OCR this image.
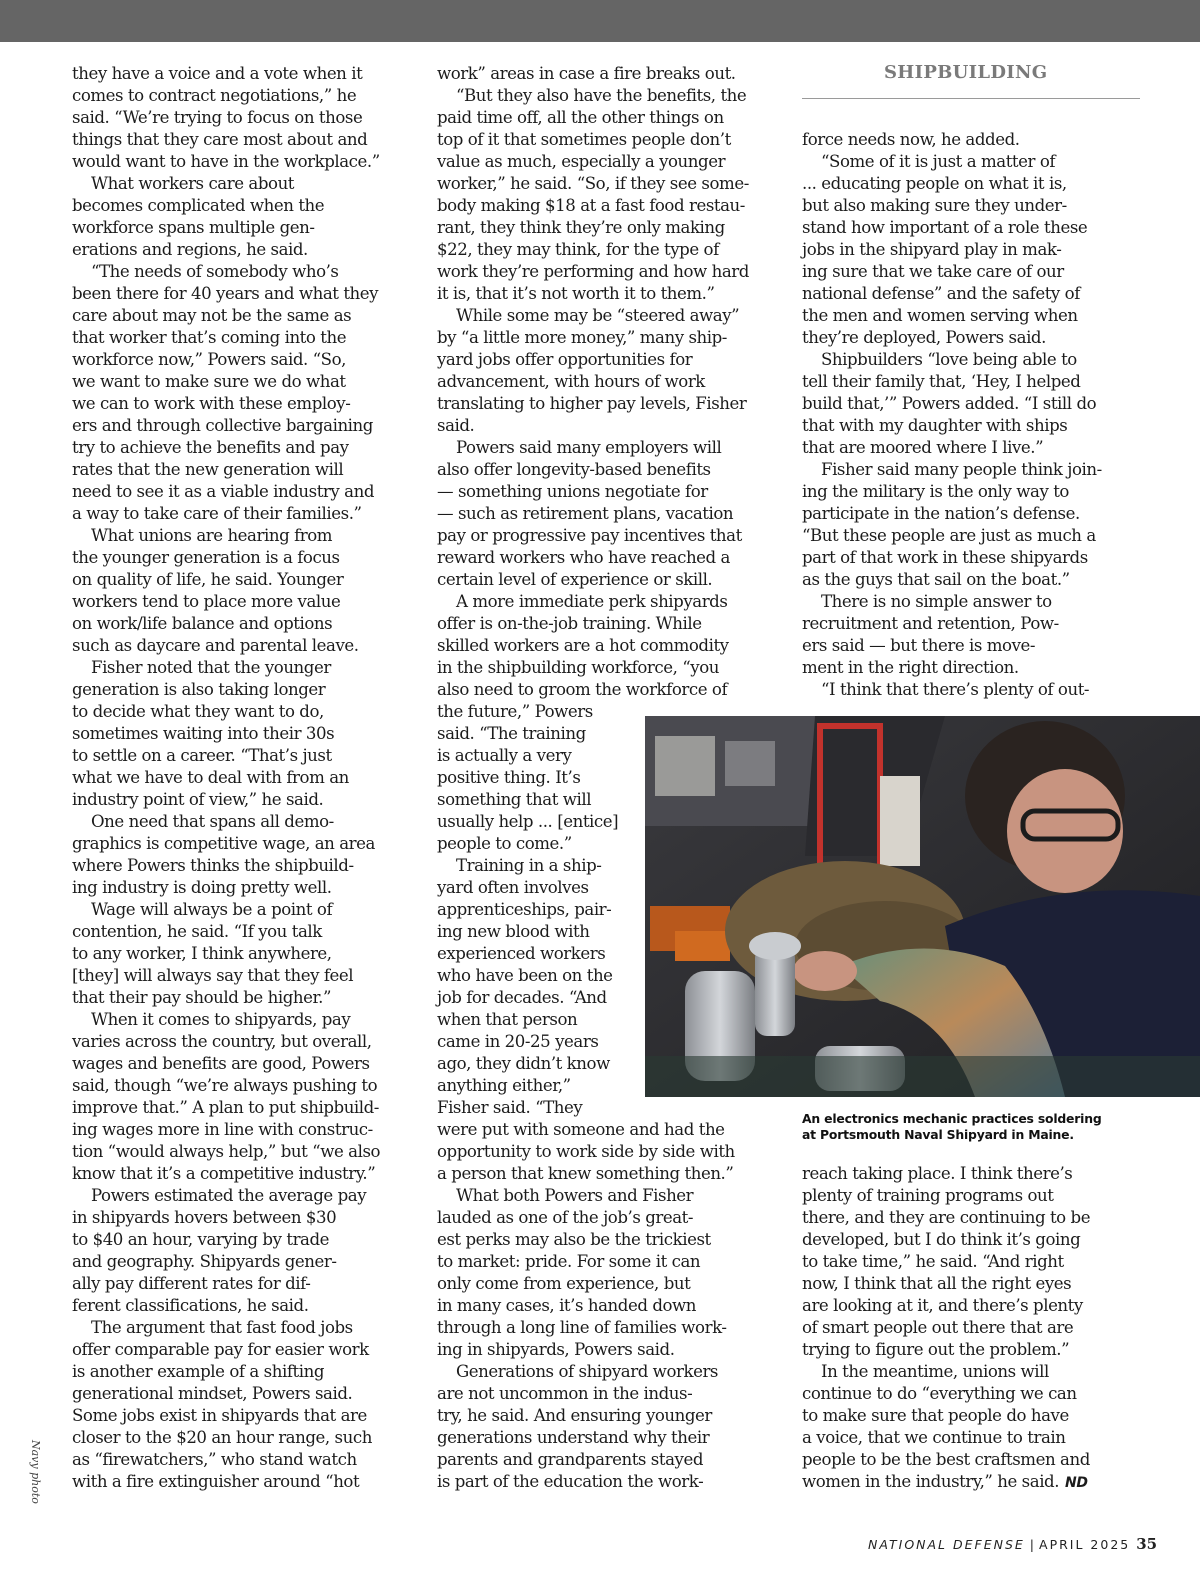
SHIPBUILDING

they have a voice and a vote when it

comes to contract negotiations,” he

said. “We’re trying to focus on those

things that they care most about and

would want to have in the workplace.”

What workers care about

becomes complicated when the

workforce spans multiple gen-

erations and regions, he said.

“The needs of somebody who’s

been there for 40 years and what they

care about may not be the same as

that worker that’s coming into the

workforce now,” Powers said. “So,

we want to make sure we do what

we can to work with these employ-

ers and through collective bargaining

try to achieve the benefits and pay

rates that the new generation will

need to see it as a viable industry and

a way to take care of their families.”

What unions are hearing from

the younger generation is a focus

on quality of life, he said. Younger

workers tend to place more value

on work/life balance and options

such as daycare and parental leave.

Fisher noted that the younger

generation is also taking longer

to decide what they want to do,

sometimes waiting into their 30s

to settle on a career. “That’s just

what we have to deal with from an

industry point of view,” he said.

One need that spans all demo-

graphics is competitive wage, an area

where Powers thinks the shipbuild-

ing industry is doing pretty well.

Wage will always be a point of

contention, he said. “If you talk

to any worker, I think anywhere,

[they] will always say that they feel

that their pay should be higher.”

When it comes to shipyards, pay

varies across the country, but overall,

wages and benefits are good, Powers

said, though “we’re always pushing to

improve that.” A plan to put shipbuild-

ing wages more in line with construc-

tion “would always help,” but “we also

know that it’s a competitive industry.”

Powers estimated the average pay

in shipyards hovers between $30

to $40 an hour, varying by trade

and geography. Shipyards gener-

ally pay different rates for dif-

ferent classifications, he said.

The argument that fast food jobs

offer comparable pay for easier work

is another example of a shifting

generational mindset, Powers said.

Some jobs exist in shipyards that are

closer to the $20 an hour range, such

as “firewatchers,” who stand watch

with a fire extinguisher around “hot

work” areas in case a fire breaks out.

“But they also have the benefits, the

paid time off, all the other things on

top of it that sometimes people don’t

value as much, especially a younger

worker,” he said. “So, if they see some-

body making $18 at a fast food restau-

rant, they think they’re only making

$22, they may think, for the type of

work they’re performing and how hard

it is, that it’s not worth it to them.”

While some may be “steered away”

by “a little more money,” many ship-

yard jobs offer opportunities for

advancement, with hours of work

translating to higher pay levels, Fisher

said.

Powers said many employers will

also offer longevity-based benefits

— something unions negotiate for

— such as retirement plans, vacation

pay or progressive pay incentives that

reward workers who have reached a

certain level of experience or skill.

A more immediate perk shipyards

offer is on-the-job training. While

skilled workers are a hot commodity

in the shipbuilding workforce, “you

also need to groom the workforce of

the future,” Powers

said. “The training

is actually a very

positive thing. It’s

something that will

usually help ... [entice]

people to come.”

Training in a ship-

yard often involves

apprenticeships, pair-

ing new blood with

experienced workers

who have been on the

job for decades. “And

when that person

came in 20-25 years

ago, they didn’t know

anything either,”

Fisher said. “They

were put with someone and had the

opportunity to work side by side with

a person that knew something then.”

What both Powers and Fisher

lauded as one of the job’s great-

est perks may also be the trickiest

to market: pride. For some it can

only come from experience, but

in many cases, it’s handed down

through a long line of families work-

ing in shipyards, Powers said.

Generations of shipyard workers

are not uncommon in the indus-

try, he said. And ensuring younger

generations understand why their

parents and grandparents stayed

is part of the education the work-

force needs now, he added.

“Some of it is just a matter of

... educating people on what it is,

but also making sure they under-

stand how important of a role these

jobs in the shipyard play in mak-

ing sure that we take care of our

national defense” and the safety of

the men and women serving when

they’re deployed, Powers said.

Shipbuilders “love being able to

tell their family that, ‘Hey, I helped

build that,’” Powers added. “I still do

that with my daughter with ships

that are moored where I live.”

Fisher said many people think join-

ing the military is the only way to

participate in the nation’s defense.

“But these people are just as much a

part of that work in these shipyards

as the guys that sail on the boat.”

There is no simple answer to

recruitment and retention, Pow-

ers said — but there is move-

ment in the right direction.

“I think that there’s plenty of out-

reach taking place. I think there’s

plenty of training programs out

there, and they are continuing to be

developed, but I do think it’s going

to take time,” he said. “And right

now, I think that all the right eyes

are looking at it, and there’s plenty

of smart people out there that are

trying to figure out the problem.”

In the meantime, unions will

continue to do “everything we can

to make sure that people do have

a voice, that we continue to train

people to be the best craftsmen and

women in the industry,” he said. ND

An electronics mechanic practices soldering

at Portsmouth Naval Shipyard in Maine.

Navy photo
NATIONAL DEFENSE | APRIL 2025 35
